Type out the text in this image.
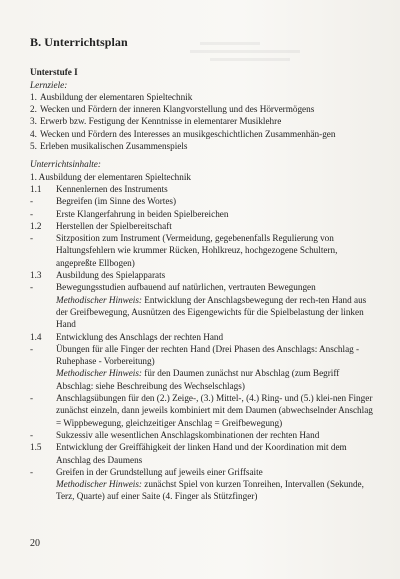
B. Unterrichtsplan

Unterstufe I

Lernziele:

1. Ausbildung der elementaren Spieltechnik
2. Wecken und Fördern der inneren Klangvorstellung und des Hörvermögens
3. Erwerb bzw. Festigung der Kenntnisse in elementarer Musiklehre
4. Wecken und Fördern des Interesses an musikgeschichtlichen Zusammenhän-gen
5. Erleben musikalischen Zusammenspiels

Unterrichtsinhalte:

1. Ausbildung der elementaren Spieltechnik

1.1	Kennenlernen des Instruments
-	Begreifen (im Sinne des Wortes)
-	Erste Klangerfahrung in beiden Spielbereichen
1.2	Herstellen der Spielbereitschaft
-	Sitzposition zum Instrument (Vermeidung, gegebenenfalls Regulierung von Haltungsfehlern wie krummer Rücken, Hohlkreuz, hochgezogene Schultern, angepreßte Ellbogen)
1.3	Ausbildung des Spielapparats
-	Bewegungsstudien aufbauend auf natürlichen, vertrauten Bewegungen
Methodischer Hinweis: Entwicklung der Anschlagsbewegung der rech-ten Hand aus der Greifbewegung, Ausnützen des Eigengewichts für die Spielbelastung der linken Hand
1.4	Entwicklung des Anschlags der rechten Hand
-	Übungen für alle Finger der rechten Hand (Drei Phasen des Anschlags: Anschlag - Ruhephase - Vorbereitung)
Methodischer Hinweis: für den Daumen zunächst nur Abschlag (zum Begriff Abschlag: siehe Beschreibung des Wechselschlags)
-	Anschlagsübungen für den (2.) Zeige-, (3.) Mittel-, (4.) Ring- und (5.) klei-nen Finger zunächst einzeln, dann jeweils kombiniert mit dem Daumen (abwechselnder Anschlag = Wippbewegung, gleichzeitiger Anschlag = Greifbewegung)
-	Sukzessiv alle wesentlichen Anschlagskombinationen der rechten Hand
1.5	Entwicklung der Greiffähigkeit der linken Hand und der Koordination mit dem Anschlag des Daumens
-	Greifen in der Grundstellung auf jeweils einer Griffsaite
Methodischer Hinweis: zunächst Spiel von kurzen Tonreihen, Intervallen (Sekunde, Terz, Quarte) auf einer Saite (4. Finger als Stützfinger)
20
